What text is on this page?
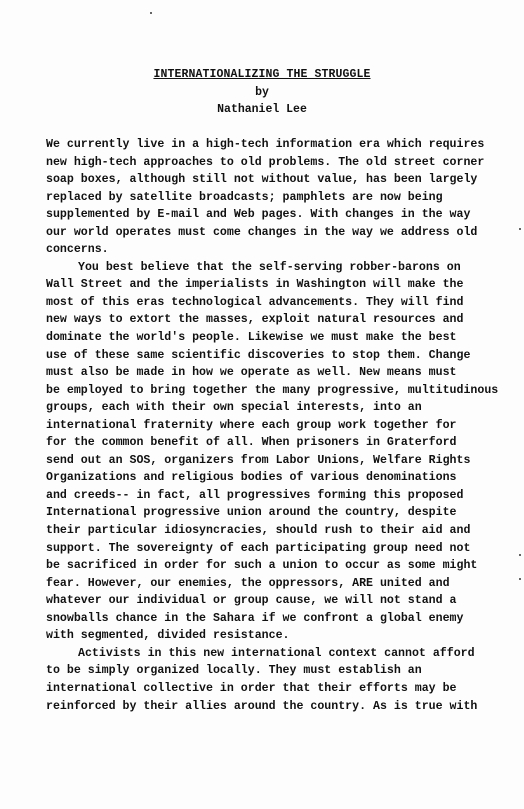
INTERNATIONALIZING THE STRUGGLE
by
Nathaniel Lee
We currently live in a high-tech information era which requires
new high-tech approaches to old problems. The old street corner
soap boxes, although still not without value, has been largely
replaced by satellite broadcasts; pamphlets are now being
supplemented by E-mail and Web pages. With changes in the way
our world operates must come changes in the way we address old
concerns.
You best believe that the self-serving robber-barons on
Wall Street and the imperialists in Washington will make the
most of this eras technological advancements. They will find
new ways to extort the masses, exploit natural resources and
dominate the world's people. Likewise we must make the best
use of these same scientific discoveries to stop them. Change
must also be made in how we operate as well. New means must
be employed to bring together the many progressive, multitudinous
groups, each with their own special interests, into an
international fraternity where each group work together for
for the common benefit of all. When prisoners in Graterford
send out an SOS, organizers from Labor Unions, Welfare Rights
Organizations and religious bodies of various denominations
and creeds-- in fact, all progressives forming this proposed
International progressive union around the country, despite
their particular idiosyncracies, should rush to their aid and
support. The sovereignty of each participating group need not
be sacrificed in order for such a union to occur as some might
fear. However, our enemies, the oppressors, ARE united and
whatever our individual or group cause, we will not stand a
snowballs chance in the Sahara if we confront a global enemy
with segmented, divided resistance.
Activists in this new international context cannot afford
to be simply organized locally. They must establish an
international collective in order that their efforts may be
reinforced by their allies around the country. As is true with
